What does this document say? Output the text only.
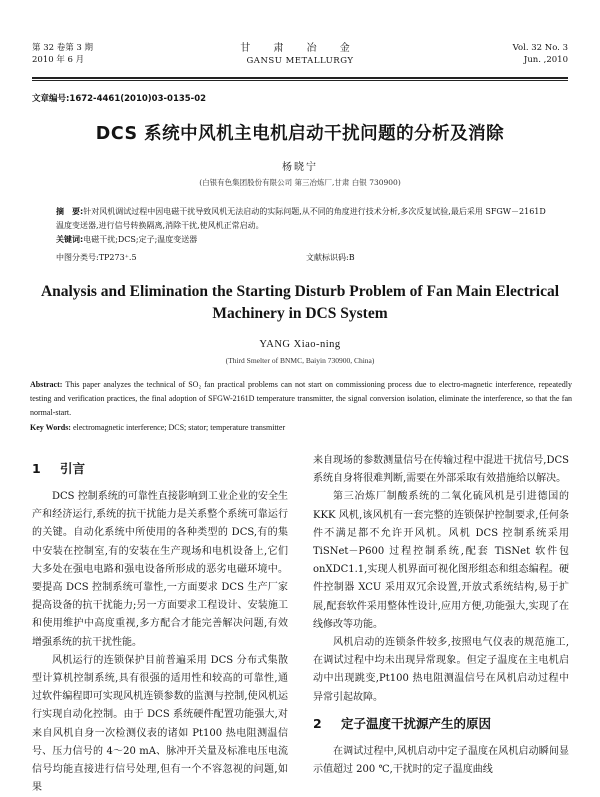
第 32 卷第 3 期
2010 年 6 月
甘 肃 冶 金
GANSU METALLURGY
Vol. 32 No. 3
Jun. ,2010
文章编号:1672-4461(2010)03-0135-02
DCS 系统中风机主电机启动干扰问题的分析及消除
杨晓宁
(白银有色集团股份有限公司 第三冶炼厂,甘肃 白银 730900)
摘　要:针对风机调试过程中因电磁干扰导致风机无法启动的实际问题,从不同的角度进行技术分析,多次反复试验,最后采用 SFGW－2161D 温度变送器,进行信号转换隔离,消除干扰,使风机正常启动。
关键词:电磁干扰;DCS;定子;温度变送器
中图分类号:TP273⁺.5	文献标识码:B
Analysis and Elimination the Starting Disturb Problem of Fan Main Electrical Machinery in DCS System
YANG Xiao-ning
(Third Smelter of BNMC, Baiyin 730900, China)
Abstract: This paper analyzes the technical of SO₂ fan practical problems can not start on commissioning process due to electro-magnetic interference, repeatedly testing and verification practices, the final adoption of SFGW-2161D temperature transmitter, the signal conversion isolation, eliminate the interference, so that the fan normal-start.
Key Words: electromagnetic interference; DCS; stator; temperature transmitter
1 引言

DCS 控制系统的可靠性直接影响到工业企业的安全生产和经济运行,系统的抗干扰能力是关系整个系统可靠运行的关键。自动化系统中所使用的各种类型的 DCS,有的集中安装在控制室,有的安装在生产现场和电机设备上,它们大多处在强电电路和强电设备所形成的恶劣电磁环境中。要提高 DCS 控制系统可靠性,一方面要求 DCS 生产厂家提高设备的抗干扰能力;另一方面要求工程设计、安装施工和使用维护中高度重视,多方配合才能完善解决问题,有效增强系统的抗干扰性能。

风机运行的连锁保护目前普遍采用 DCS 分布式集散型计算机控制系统,具有很强的适用性和较高的可靠性,通过软件编程即可实现风机连锁参数的监测与控制,使风机运行实现自动化控制。由于 DCS 系统硬件配置功能强大,对来自风机自身一次检测仪表的诸如 Pt100 热电阻测温信号、压力信号的 4～20 mA、脉冲开关量及标准电压电流信号均能直接进行信号处理,但有一个不容忽视的问题,如果

来自现场的参数测量信号在传输过程中混进干扰信号,DCS 系统自身将很难判断,需要在外部采取有效措施给以解决。

第三冶炼厂制酸系统的二氧化硫风机是引进德国的 KKK 风机,该风机有一套完整的连锁保护控制要求,任何条件不满足都不允许开风机。风机 DCS 控制系统采用 TiSNet－P600 过程控制系统,配套 TiSNet 软件包 onXDC1.1,实现人机界面可视化图形组态和组态编程。硬件控制器 XCU 采用双冗余设置,开放式系统结构,易于扩展,配套软件采用整体性设计,应用方便,功能强大,实现了在线修改等功能。

风机启动的连锁条件较多,按照电气仪表的规范施工,在调试过程中均未出现异常现象。但定子温度在主电机启动中出现跳变,Pt100 热电阻测温信号在风机启动过程中异常引起故障。

2 定子温度干扰源产生的原因

在调试过程中,风机启动中定子温度在风机启动瞬间显示值超过 200 ℃,干扰时的定子温度曲线
